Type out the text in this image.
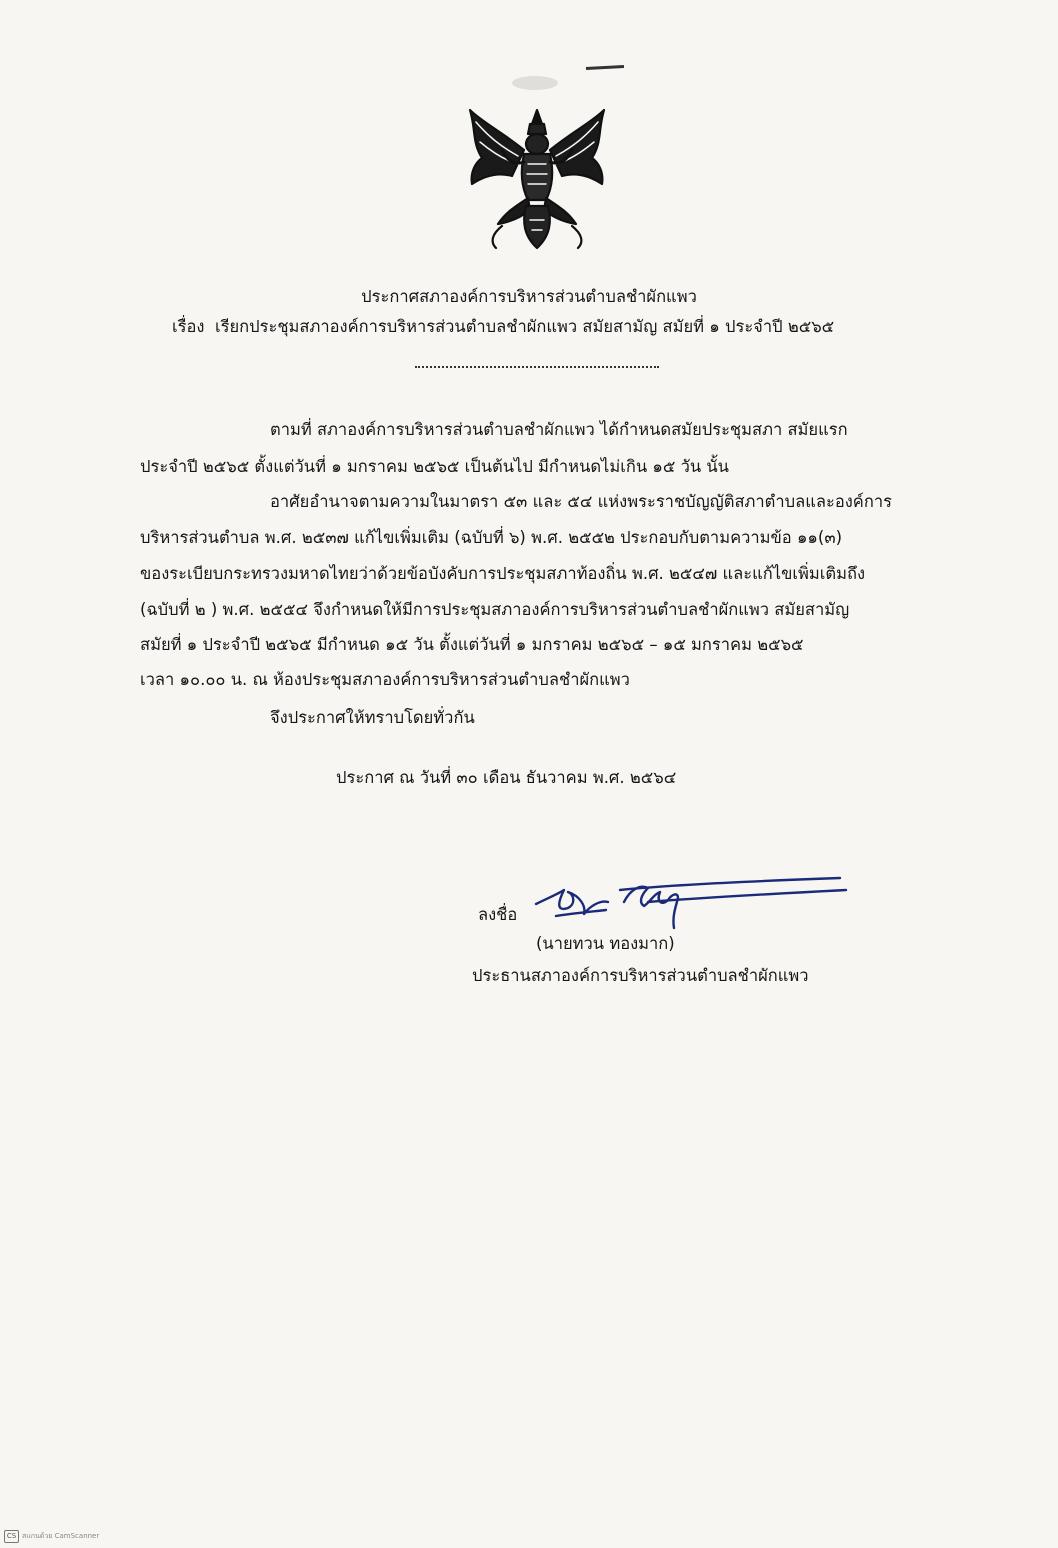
ประกาศสภาองค์การบริหารส่วนตำบลชำผักแพว
เรื่อง เรียกประชุมสภาองค์การบริหารส่วนตำบลชำผักแพว สมัยสามัญ สมัยที่ ๑ ประจำปี ๒๕๖๕
ตามที่ สภาองค์การบริหารส่วนตำบลชำผักแพว ได้กำหนดสมัยประชุมสภา สมัยแรก
ประจำปี ๒๕๖๕ ตั้งแต่วันที่ ๑ มกราคม ๒๕๖๕ เป็นต้นไป มีกำหนดไม่เกิน ๑๕ วัน นั้น
อาศัยอำนาจตามความในมาตรา ๕๓ และ ๕๔ แห่งพระราชบัญญัติสภาตำบลและองค์การ
บริหารส่วนตำบล พ.ศ. ๒๕๓๗ แก้ไขเพิ่มเติม (ฉบับที่ ๖) พ.ศ. ๒๕๕๒ ประกอบกับตามความข้อ ๑๑(๓)
ของระเบียบกระทรวงมหาดไทยว่าด้วยข้อบังคับการประชุมสภาท้องถิ่น พ.ศ. ๒๕๔๗ และแก้ไขเพิ่มเติมถึง
(ฉบับที่ ๒ ) พ.ศ. ๒๕๕๔ จึงกำหนดให้มีการประชุมสภาองค์การบริหารส่วนตำบลชำผักแพว สมัยสามัญ
สมัยที่ ๑ ประจำปี ๒๕๖๕ มีกำหนด ๑๕ วัน ตั้งแต่วันที่ ๑ มกราคม ๒๕๖๕ – ๑๕ มกราคม ๒๕๖๕
เวลา ๑๐.๐๐ น. ณ ห้องประชุมสภาองค์การบริหารส่วนตำบลชำผักแพว
จึงประกาศให้ทราบโดยทั่วกัน
ประกาศ ณ วันที่ ๓๐ เดือน ธันวาคม พ.ศ. ๒๕๖๔
ลงชื่อ
(นายทวน ทองมาก)
ประธานสภาองค์การบริหารส่วนตำบลชำผักแพว
CS สแกนด้วย CamScanner
